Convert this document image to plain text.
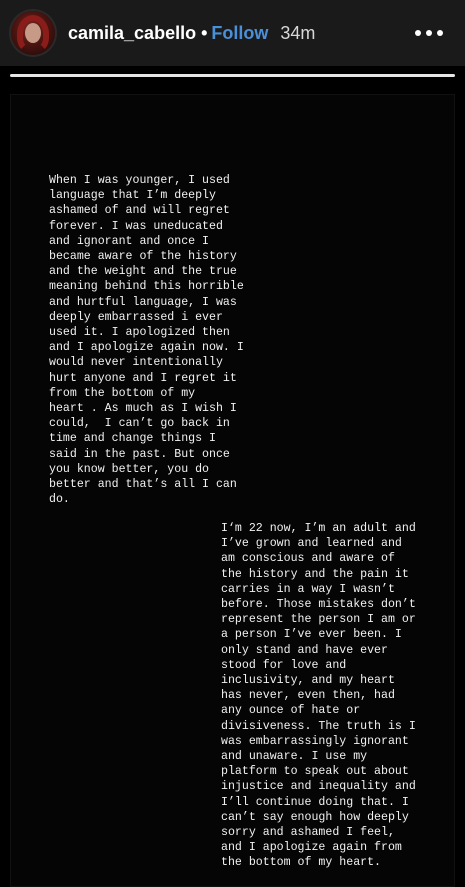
camila_cabello • Follow 34m
When I was younger, I used
language that I’m deeply
ashamed of and will regret
forever. I was uneducated
and ignorant and once I
became aware of the history
and the weight and the true
meaning behind this horrible
and hurtful language, I was
deeply embarrassed i ever
used it. I apologized then
and I apologize again now. I
would never intentionally
hurt anyone and I regret it
from the bottom of my
heart . As much as I wish I
could,  I can’t go back in
time and change things I
said in the past. But once
you know better, you do
better and that’s all I can
do.
I‘m 22 now, I’m an adult and
I’ve grown and learned and
am conscious and aware of
the history and the pain it
carries in a way I wasn’t
before. Those mistakes don’t
represent the person I am or
a person I’ve ever been. I
only stand and have ever
stood for love and
inclusivity, and my heart
has never, even then, had
any ounce of hate or
divisiveness. The truth is I
was embarrassingly ignorant
and unaware. I use my
platform to speak out about
injustice and inequality and
I’ll continue doing that. I
can’t say enough how deeply
sorry and ashamed I feel,
and I apologize again from
the bottom of my heart.
